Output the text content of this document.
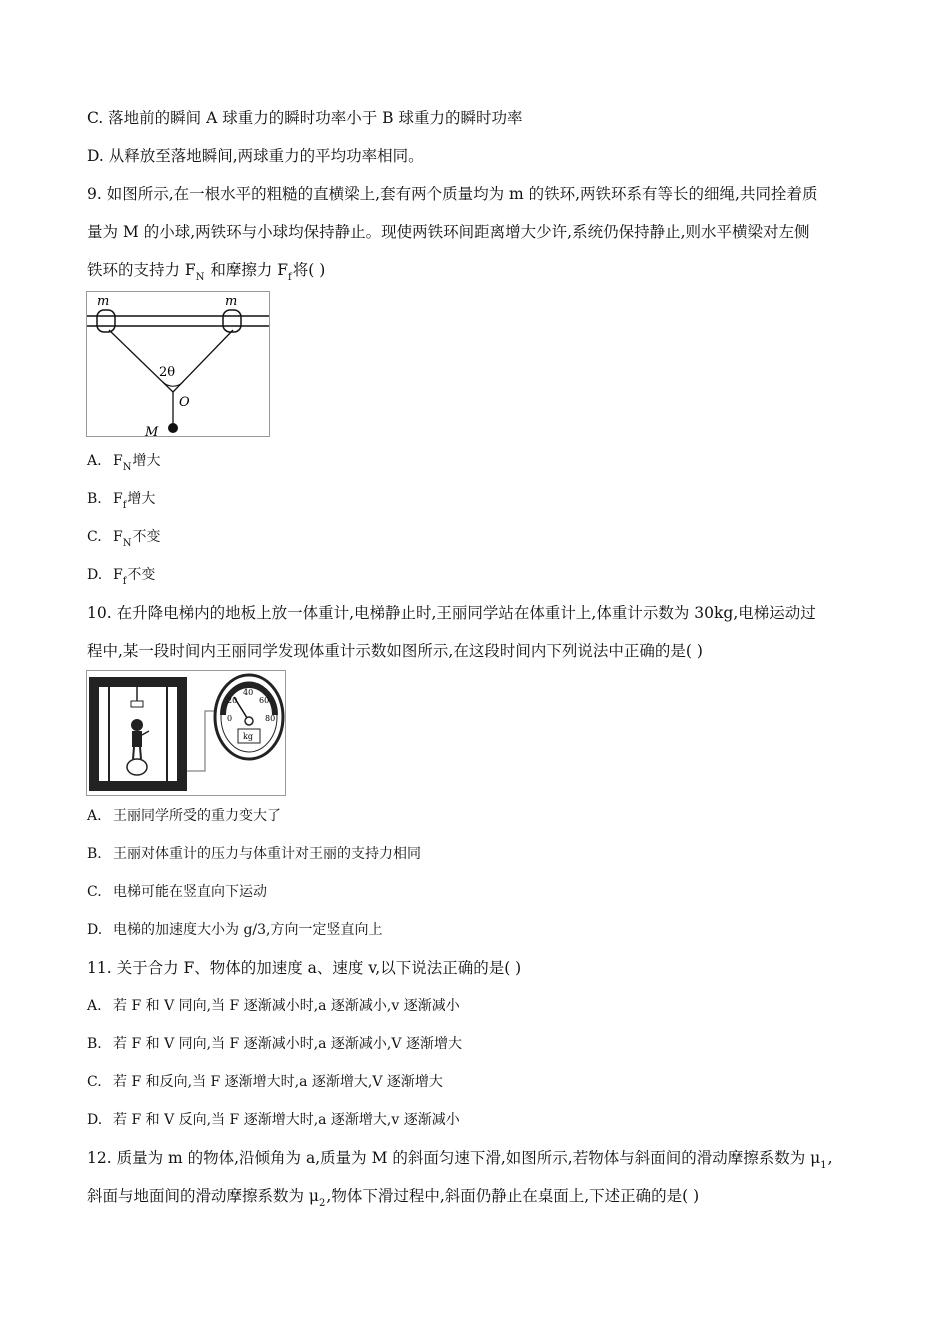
C. 落地前的瞬间 A 球重力的瞬时功率小于 B 球重力的瞬时功率
D. 从释放至落地瞬间,两球重力的平均功率相同。
9. 如图所示,在一根水平的粗糙的直横梁上,套有两个质量均为 m 的铁环,两铁环系有等长的细绳,共同拴着质
量为 M 的小球,两铁环与小球均保持静止。现使两铁环间距离增大少许,系统仍保持静止,则水平横梁对左侧
铁环的支持力 $F_N$ 和摩擦力 $F_f$将( )
m	m
2θ
O
M
A. $F_N$增大
B. $F_f$增大
C. $F_N$不变
D. $F_f$不变
10. 在升降电梯内的地板上放一体重计,电梯静止时,王丽同学站在体重计上,体重计示数为 30kg,电梯运动过
程中,某一段时间内王丽同学发现体重计示数如图所示,在这段时间内下列说法中正确的是( )
0
20
40
60
80
kg
A. 王丽同学所受的重力变大了
B. 王丽对体重计的压力与体重计对王丽的支持力相同
C. 电梯可能在竖直向下运动
D. 电梯的加速度大小为 g/3,方向一定竖直向上
11. 关于合力 F、物体的加速度 a、速度 v,以下说法正确的是( )
A. 若 F 和 V 同向,当 F 逐渐减小时,a 逐渐减小,v 逐渐减小
B. 若 F 和 V 同向,当 F 逐渐减小时,a 逐渐减小,V 逐渐增大
C. 若 F 和反向,当 F 逐渐增大时,a 逐渐增大,V 逐渐增大
D. 若 F 和 V 反向,当 F 逐渐增大时,a 逐渐增大,v 逐渐减小
12. 质量为 m 的物体,沿倾角为 a,质量为 M 的斜面匀速下滑,如图所示,若物体与斜面间的滑动摩擦系数为 $\mu_1$,
斜面与地面间的滑动摩擦系数为 $\mu_2$,物体下滑过程中,斜面仍静止在桌面上,下述正确的是( )
